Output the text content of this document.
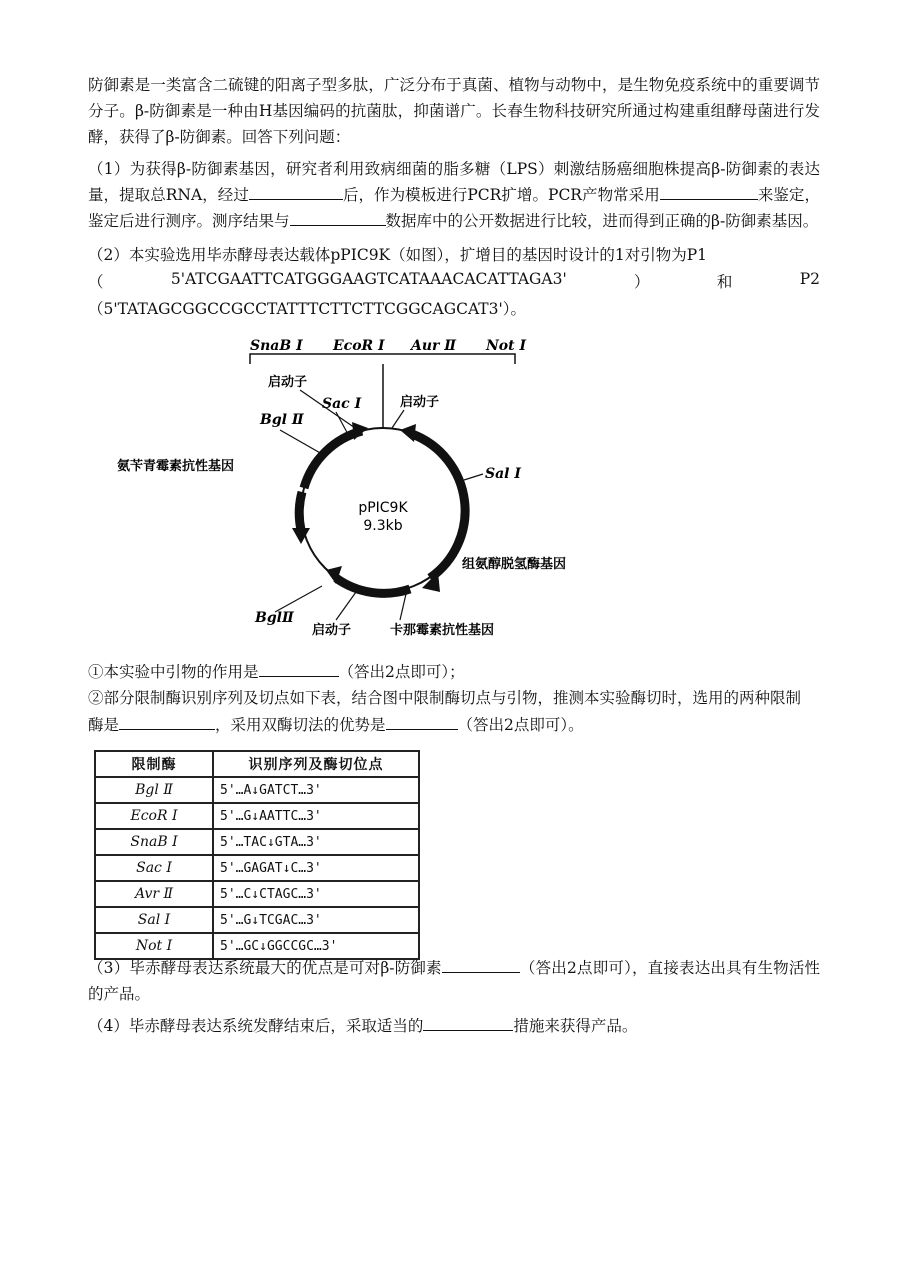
防御素是一类富含二硫键的阳离子型多肽，广泛分布于真菌、植物与动物中，是生物免疫系统中的重要调节分子。β-防御素是一种由H基因编码的抗菌肽，抑菌谱广。长春生物科技研究所通过构建重组酵母菌进行发酵，获得了β-防御素。回答下列问题：
（1）为获得β-防御素基因，研究者利用致病细菌的脂多糖（LPS）刺激结肠癌细胞株提高β-防御素的表达量，提取总RNA，经过	后，作为模板进行PCR扩增。PCR产物常采用	来鉴定，鉴定后进行测序。测序结果与	数据库中的公开数据进行比较，进而得到正确的β-防御素基因。
（2）本实验选用毕赤酵母表达载体pPIC9K（如图），扩增目的基因时设计的1对引物为P1
（	5'ATCGAATTCATGGGAAGTCATAAACACATTAGA3'	）	和	P2
（5'TATAGCGGCCGCCTATTTCTTCTTCGGCAGCAT3'）。
SnaB Ⅰ EcoR Ⅰ Aur Ⅱ Not Ⅰ
pPIC9K
9.3kb
启动子
Sac Ⅰ	启动子
Bgl Ⅱ
氨苄青霉素抗性基因	Sal Ⅰ
组氨醇脱氢酶基因
BglⅡ
启动子	卡那霉素抗性基因
①本实验中引物的作用是	（答出2点即可）；
②部分限制酶识别序列及切点如下表，结合图中限制酶切点与引物，推测本实验酶切时，选用的两种限制
酶是	，采用双酶切法的优势是	（答出2点即可）。
限制酶	识别序列及酶切位点
Bgl Ⅱ	5'…A↓GATCT…3'
EcoR Ⅰ	5'…G↓AATTC…3'
SnaB Ⅰ	5'…TAC↓GTA…3'
Sac Ⅰ	5'…GAGAT↓C…3'
Avr Ⅱ	5'…C↓CTAGC…3'
Sal Ⅰ	5'…G↓TCGAC…3'
Not Ⅰ	5'…GC↓GGCCGC…3'
（3）毕赤酵母表达系统最大的优点是可对β-防御素	（答出2点即可），直接表达出具有生物活性的产品。
（4）毕赤酵母表达系统发酵结束后，采取适当的	措施来获得产品。
